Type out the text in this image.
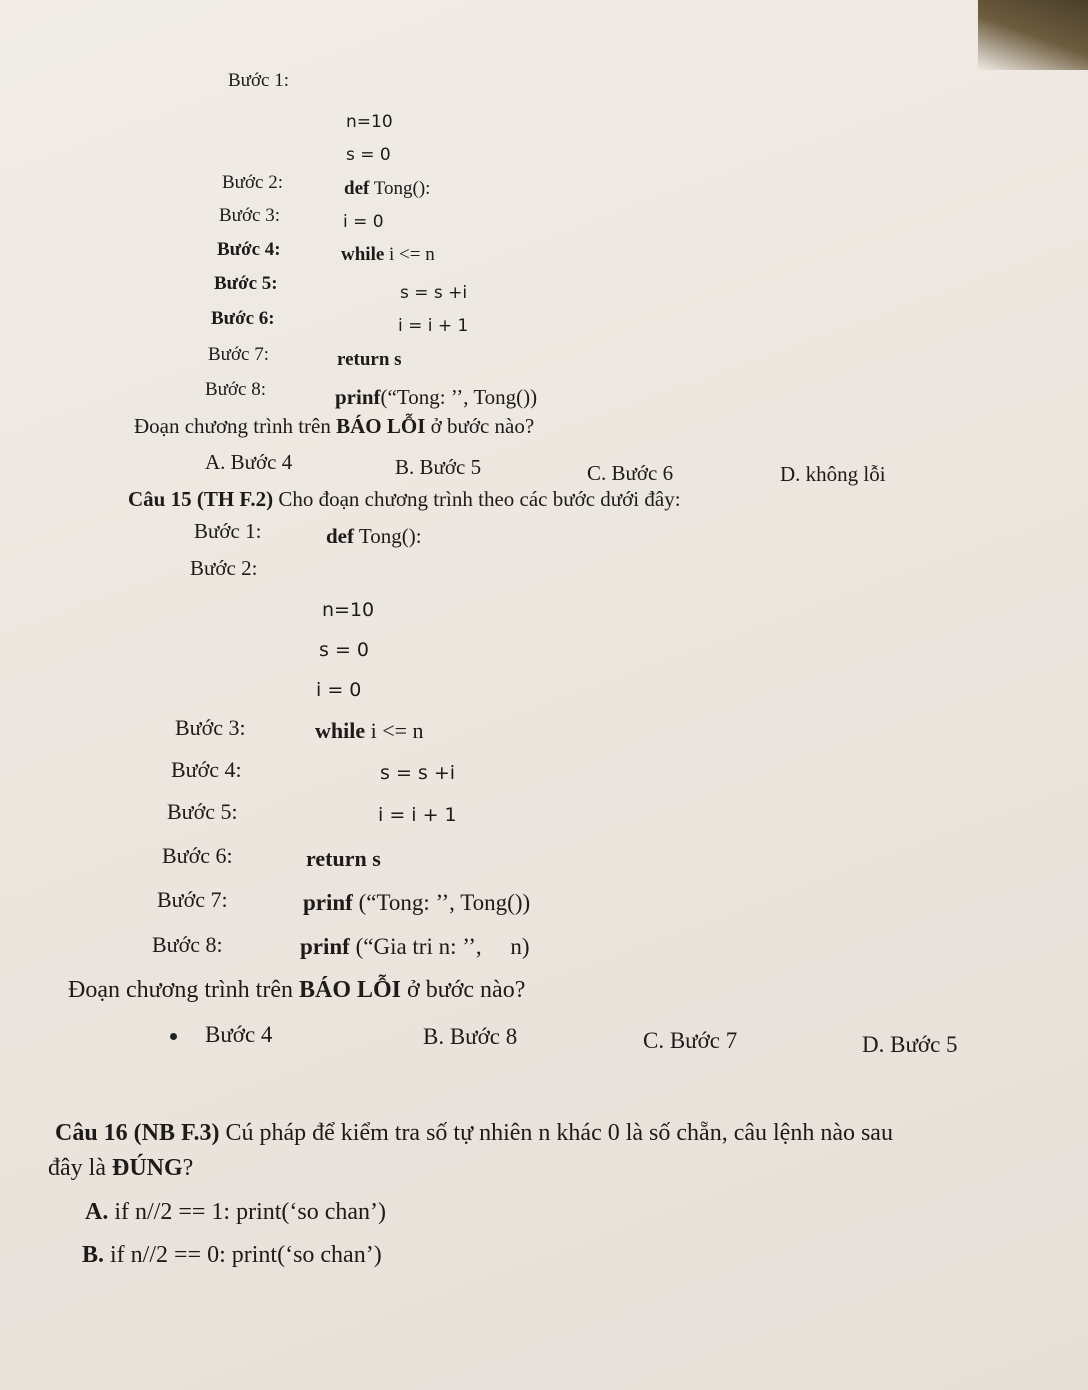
Bước 1:
n=10
s = 0
Bước 2:	def Tong():
Bước 3:	i = 0
Bước 4:	while i <= n
Bước 5:	s = s +i
Bước 6:	i = i + 1
Bước 7:	return s
Bước 8:	prinf(“Tong: ’’, Tong())
Đoạn chương trình trên BÁO LỖI ở bước nào?
A. Bước 4	B. Bước 5	C. Bước 6	D. không lỗi
Câu 15 (TH F.2) Cho đoạn chương trình theo các bước dưới đây:
Bước 1:	def Tong():
Bước 2:
n=10
s = 0
i = 0
Bước 3:	while i <= n
Bước 4:	s = s +i
Bước 5:	i = i + 1
Bước 6:	return s
Bước 7:	prinf (“Tong: ’’, Tong())
Bước 8:	prinf (“Gia tri n: ’’,     n)
Đoạn chương trình trên BÁO LỖI ở bước nào?
Bước 4	B. Bước 8	C. Bước 7	D. Bước 5
Câu 16 (NB F.3) Cú pháp để kiểm tra số tự nhiên n khác 0 là số chẵn, câu lệnh nào sau
đây là ĐÚNG?
A. if n//2 == 1: print(‘so chan’)
B. if n//2 == 0: print(‘so chan’)
